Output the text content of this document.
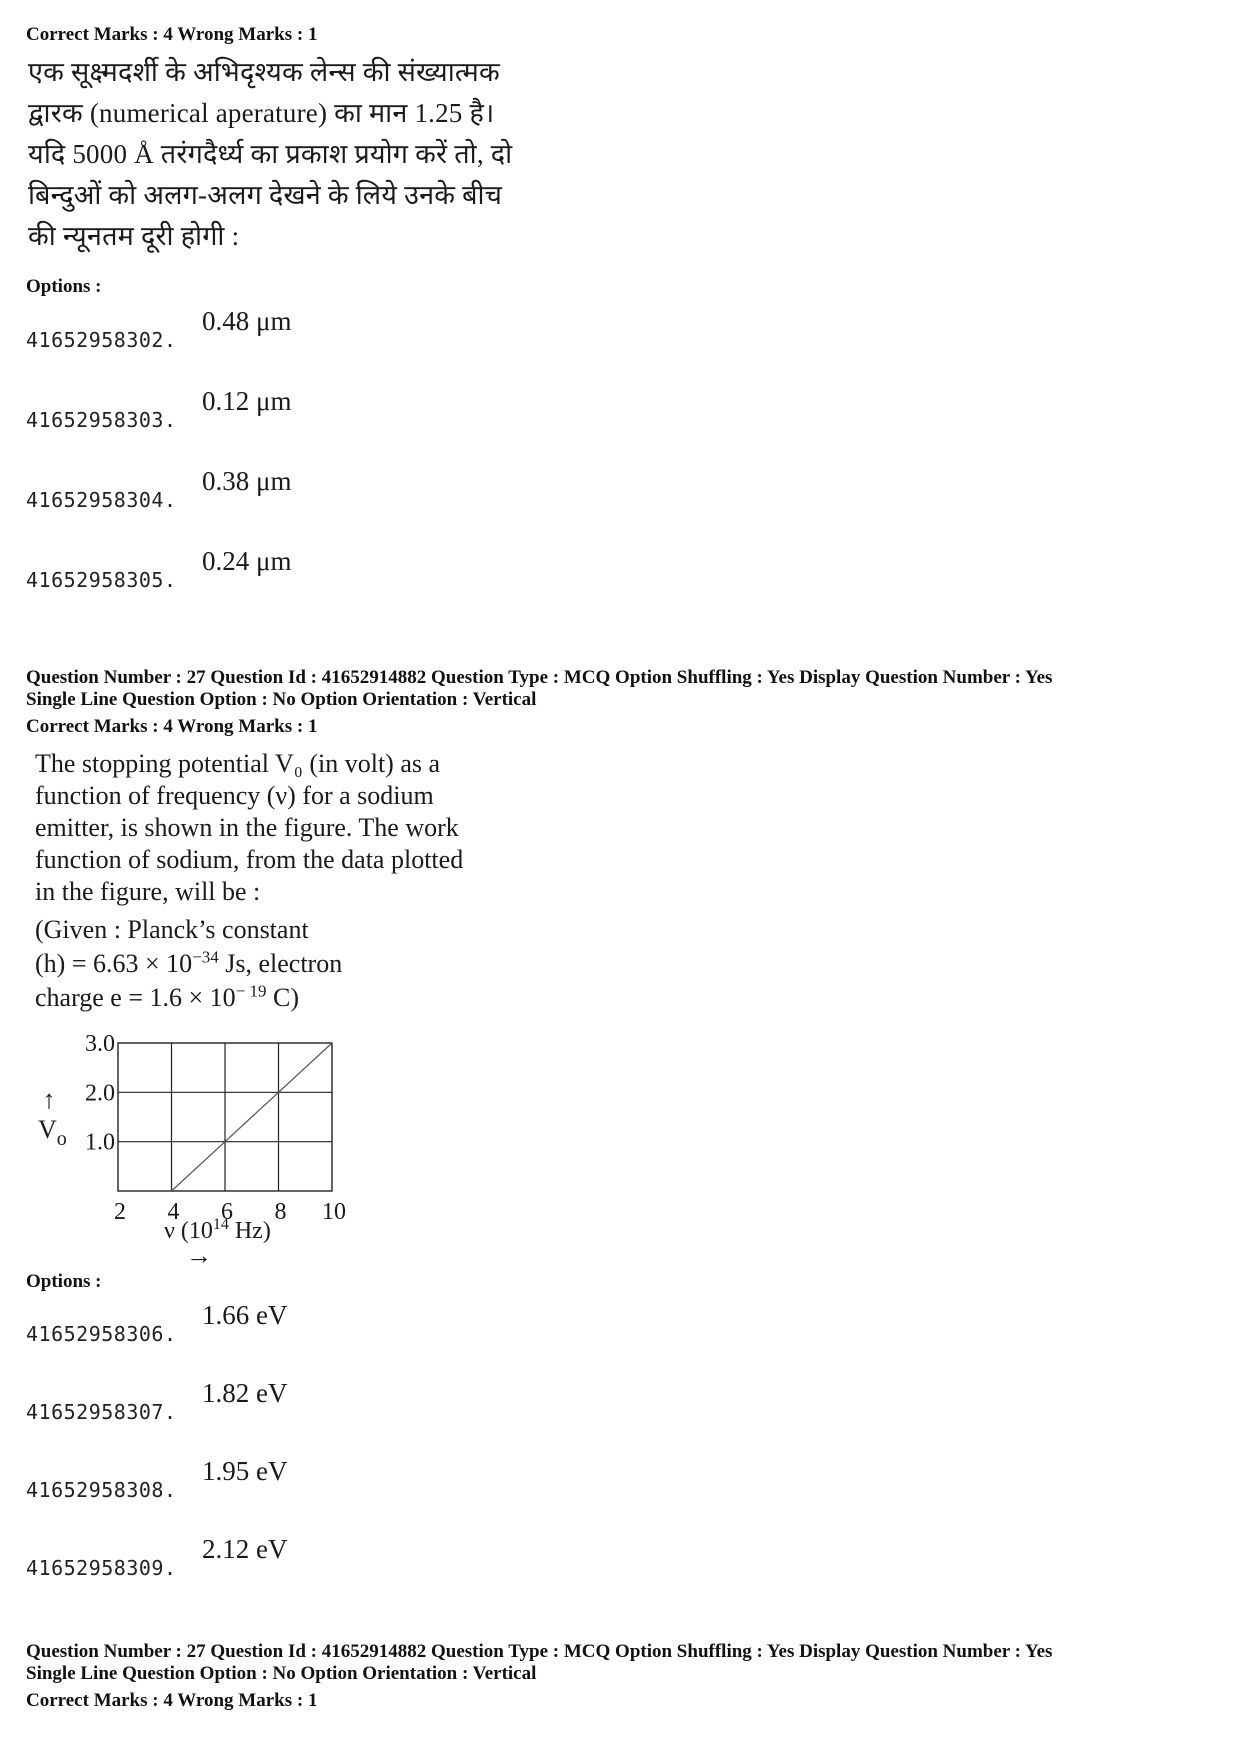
Correct Marks : 4 Wrong Marks : 1
एक सूक्ष्मदर्शी के अभिदृश्यक लेन्स की संख्यात्मक
द्वारक (numerical aperature) का मान 1.25 है।
यदि 5000 Å तरंगदैर्ध्य का प्रकाश प्रयोग करें तो, दो
बिन्दुओं को अलग-अलग देखने के लिये उनके बीच
की न्यूनतम दूरी होगी :
Options :
41652958302.
0.48 μm
41652958303.
0.12 μm
41652958304.
0.38 μm
41652958305.
0.24 μm
Question Number : 27 Question Id : 41652914882 Question Type : MCQ Option Shuffling : Yes Display Question Number : Yes
Single Line Question Option : No Option Orientation : Vertical
Correct Marks : 4 Wrong Marks : 1
The stopping potential V₀ (in volt) as a
function of frequency (ν) for a sodium
emitter, is shown in the figure. The work
function of sodium, from the data plotted
in the figure, will be :
(Given : Planck’s constant
$(h) = 6.63 \times 10^{-34}$ Js, electron
charge $e = 1.6 \times 10^{- 19}$ C)
2 4 6 8 10
1.0
2.0
3.0
↑
$V_o$
ν ($10^{14}$ Hz)
→
Options :
41652958306.
1.66 eV
41652958307.
1.82 eV
41652958308.
1.95 eV
41652958309.
2.12 eV
Question Number : 27 Question Id : 41652914882 Question Type : MCQ Option Shuffling : Yes Display Question Number : Yes
Single Line Question Option : No Option Orientation : Vertical
Correct Marks : 4 Wrong Marks : 1
